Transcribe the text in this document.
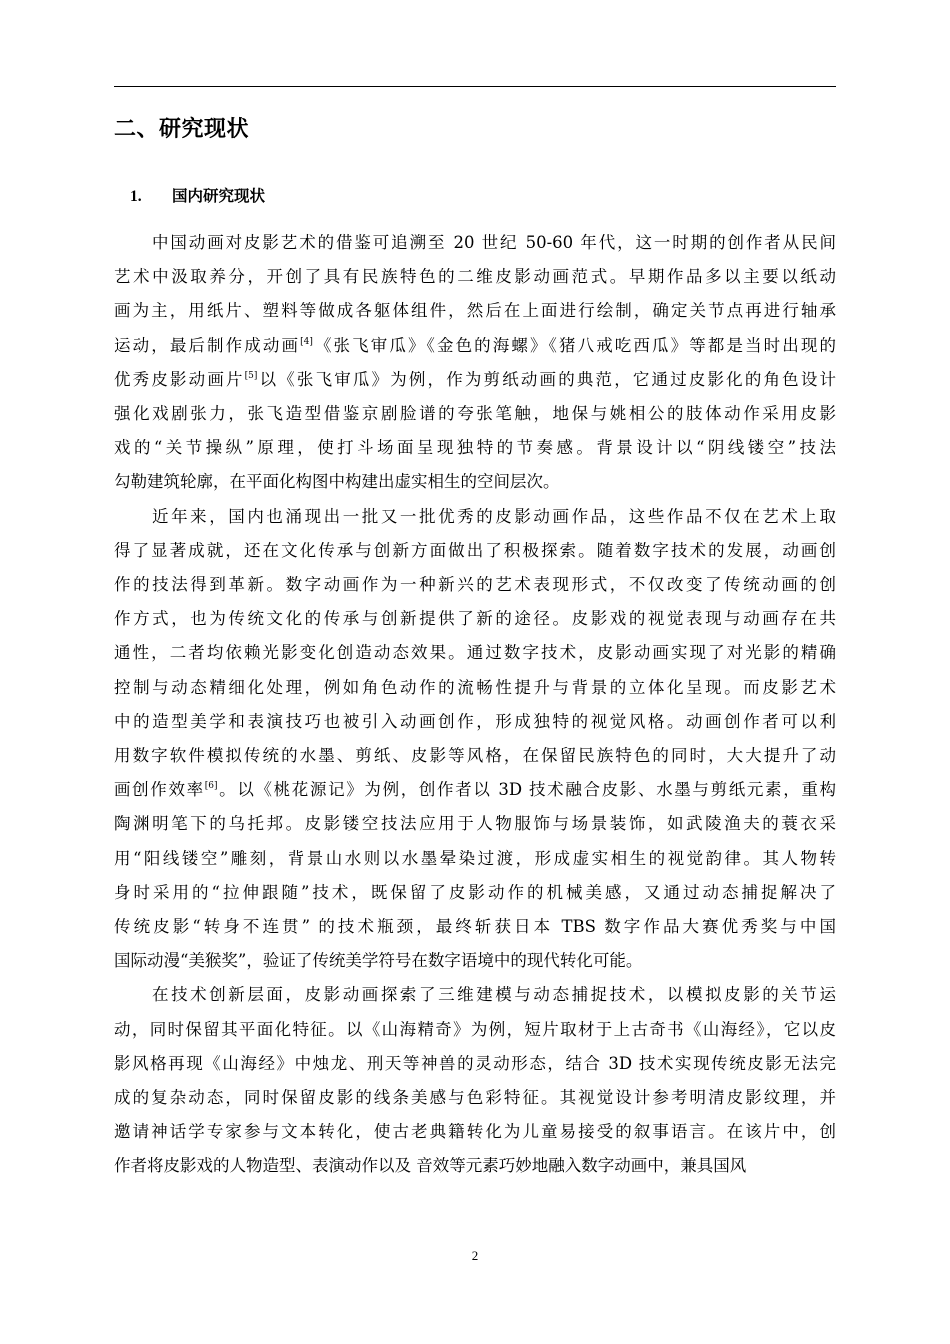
二、研究现状
1. 国内研究现状

中国动画对皮影艺术的借鉴可追溯至 20 世纪 50-60 年代，这一时期的创作者从民间
艺术中汲取养分，开创了具有民族特色的二维皮影动画范式。早期作品多以主要以纸动
画为主，用纸片、塑料等做成各躯体组件，然后在上面进行绘制，确定关节点再进行轴承
运动，最后制作成动画[4]《张飞审瓜》《金色的海螺》《猪八戒吃西瓜》等都是当时出现的
优秀皮影动画片[5]以《张飞审瓜》为例，作为剪纸动画的典范，它通过皮影化的角色设计
强化戏剧张力，张飞造型借鉴京剧脸谱的夸张笔触，地保与姚相公的肢体动作采用皮影
戏的“关节操纵”原理，使打斗场面呈现独特的节奏感。背景设计以“阴线镂空”技法
勾勒建筑轮廓，在平面化构图中构建出虚实相生的空间层次。

近年来，国内也涌现出一批又一批优秀的皮影动画作品，这些作品不仅在艺术上取
得了显著成就，还在文化传承与创新方面做出了积极探索。随着数字技术的发展，动画创
作的技法得到革新。数字动画作为一种新兴的艺术表现形式，不仅改变了传统动画的创
作方式，也为传统文化的传承与创新提供了新的途径。皮影戏的视觉表现与动画存在共
通性，二者均依赖光影变化创造动态效果。通过数字技术，皮影动画实现了对光影的精确
控制与动态精细化处理，例如角色动作的流畅性提升与背景的立体化呈现。而皮影艺术
中的造型美学和表演技巧也被引入动画创作，形成独特的视觉风格。动画创作者可以利
用数字软件模拟传统的水墨、剪纸、皮影等风格，在保留民族特色的同时，大大提升了动
画创作效率[6]。以《桃花源记》为例，创作者以 3D 技术融合皮影、水墨与剪纸元素，重构
陶渊明笔下的乌托邦。皮影镂空技法应用于人物服饰与场景装饰，如武陵渔夫的蓑衣采
用“阳线镂空”雕刻，背景山水则以水墨晕染过渡，形成虚实相生的视觉韵律。其人物转
身时采用的“拉伸跟随”技术，既保留了皮影动作的机械美感，又通过动态捕捉解决了
传统皮影“转身不连贯” 的技术瓶颈，最终斩获日本 TBS 数字作品大赛优秀奖与中国
国际动漫“美猴奖”，验证了传统美学符号在数字语境中的现代转化可能。

在技术创新层面，皮影动画探索了三维建模与动态捕捉技术，以模拟皮影的关节运
动，同时保留其平面化特征。以《山海精奇》为例，短片取材于上古奇书《山海经》，它以皮
影风格再现《山海经》中烛龙、刑天等神兽的灵动形态，结合 3D 技术实现传统皮影无法完
成的复杂动态，同时保留皮影的线条美感与色彩特征。其视觉设计参考明清皮影纹理，并
邀请神话学专家参与文本转化，使古老典籍转化为儿童易接受的叙事语言。在该片中，创
作者将皮影戏的人物造型、表演动作以及 音效等元素巧妙地融入数字动画中，兼具国风

2
